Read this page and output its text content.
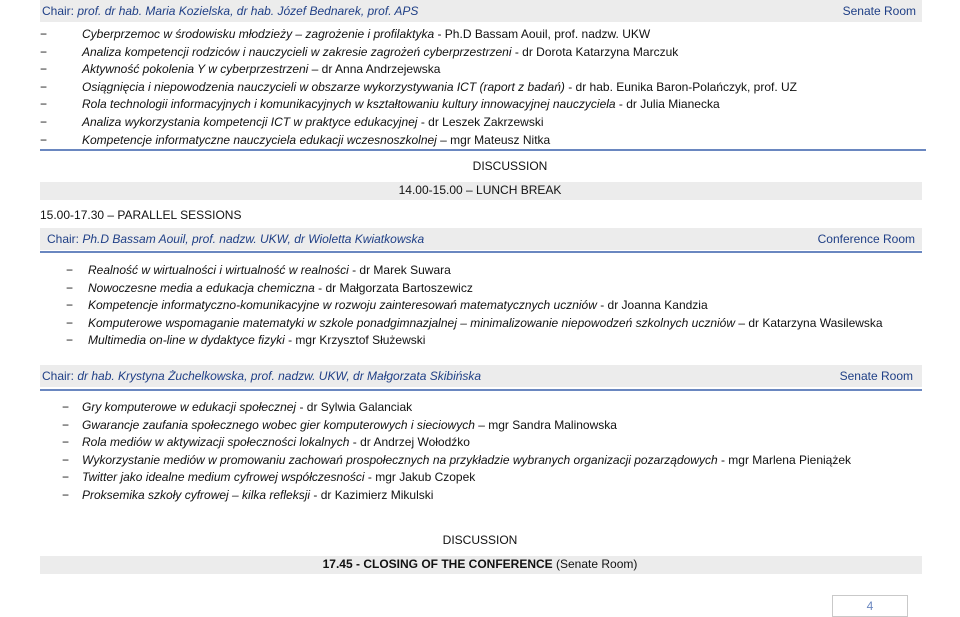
Chair: prof. dr hab. Maria Kozielska, dr hab. Józef Bednarek, prof. APS	Senate Room
−	Cyberprzemoc w środowisku młodzieży – zagrożenie i profilaktyka - Ph.D Bassam Aouil, prof. nadzw. UKW
−	Analiza kompetencji rodziców i nauczycieli w zakresie zagrożeń cyberprzestrzeni - dr Dorota Katarzyna Marczuk
−	Aktywność pokolenia Y w cyberprzestrzeni – dr Anna Andrzejewska
−	Osiągnięcia i niepowodzenia nauczycieli w obszarze wykorzystywania ICT (raport z badań) - dr hab. Eunika Baron-Polańczyk, prof. UZ
−	Rola technologii informacyjnych i komunikacyjnych w kształtowaniu kultury innowacyjnej nauczyciela - dr Julia Mianecka
−	Analiza wykorzystania kompetencji ICT w praktyce edukacyjnej - dr Leszek Zakrzewski
−	Kompetencje informatyczne nauczyciela edukacji wczesnoszkolnej – mgr Mateusz Nitka
DISCUSSION
14.00-15.00 – LUNCH BREAK
15.00-17.30 – PARALLEL SESSIONS
Chair: Ph.D Bassam Aouil, prof. nadzw. UKW, dr Wioletta Kwiatkowska	Conference Room
− Realność w wirtualności i wirtualność w realności - dr Marek Suwara
− Nowoczesne media a edukacja chemiczna - dr Małgorzata Bartoszewicz
− Kompetencje informatyczno-komunikacyjne w rozwoju zainteresowań matematycznych uczniów - dr Joanna Kandzia
− Komputerowe wspomaganie matematyki w szkole ponadgimnazjalnej – minimalizowanie niepowodzeń szkolnych uczniów – dr Katarzyna Wasilewska
− Multimedia on-line w dydaktyce fizyki - mgr Krzysztof Służewski
Chair: dr hab. Krystyna Żuchelkowska, prof. nadzw. UKW, dr Małgorzata Skibińska	Senate Room
− Gry komputerowe w edukacji społecznej - dr Sylwia Galanciak
− Gwarancje zaufania społecznego wobec gier komputerowych i sieciowych – mgr Sandra Malinowska
− Rola mediów w aktywizacji społeczności lokalnych - dr Andrzej Wołodźko
− Wykorzystanie mediów w promowaniu zachowań prospołecznych na przykładzie wybranych organizacji pozarządowych - mgr Marlena Pieniążek
− Twitter jako idealne medium cyfrowej współczesności - mgr Jakub Czopek
− Proksemika szkoły cyfrowej – kilka refleksji - dr Kazimierz Mikulski
DISCUSSION
17.45 - CLOSING OF THE CONFERENCE (Senate Room)
4
